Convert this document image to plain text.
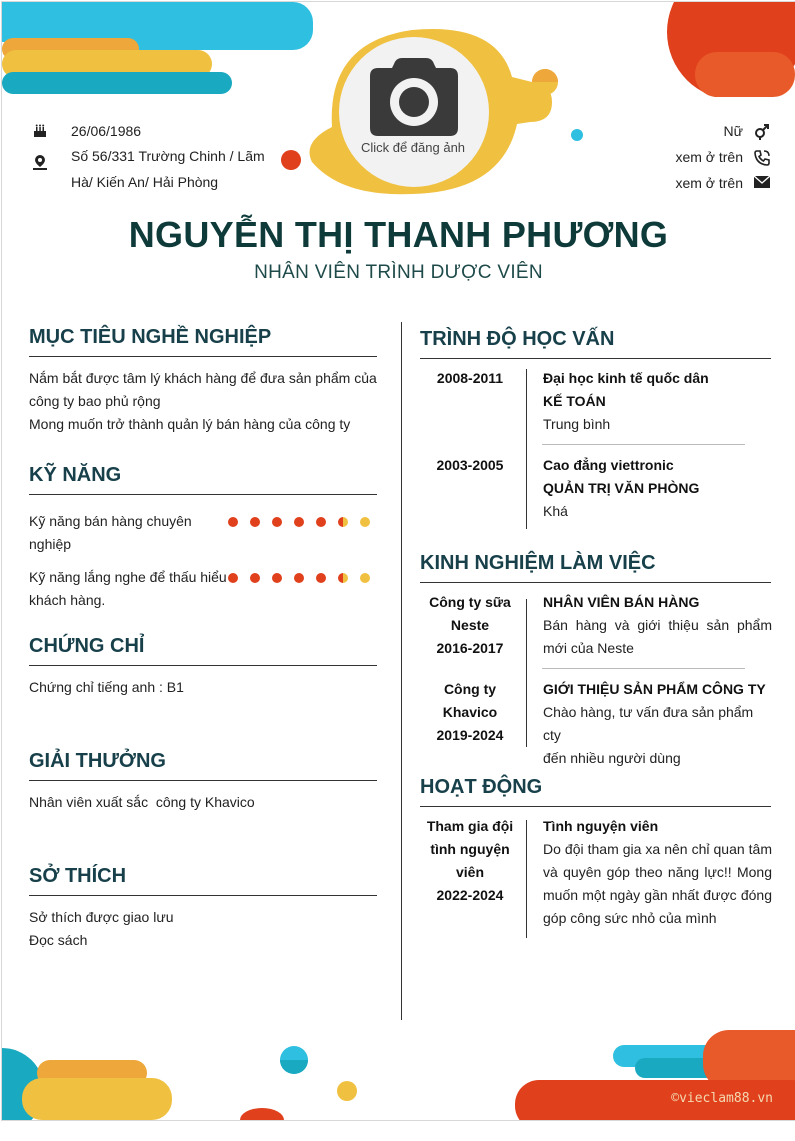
Click để đăng ảnh
26/06/1986
Số 56/331 Trường Chinh / Lãm
Hà/ Kiến An/ Hải Phòng
Nữ
xem ở trên
xem ở trên
NGUYỄN THỊ THANH PHƯƠNG
NHÂN VIÊN TRÌNH DƯỢC VIÊN
MỤC TIÊU NGHỀ NGHIỆP
Nắm bắt được tâm lý khách hàng để đưa sản phẩm của
công ty bao phủ rộng
Mong muốn trở thành quản lý bán hàng của công ty
KỸ NĂNG
Kỹ năng bán hàng chuyên
nghiệp
Kỹ năng lắng nghe để thấu hiểu
khách hàng.
CHỨNG CHỈ
Chứng chỉ tiếng anh : B1
GIẢI THƯỞNG
Nhân viên xuất sắc  công ty Khavico
SỞ THÍCH
Sở thích được giao lưu
Đọc sách
TRÌNH ĐỘ HỌC VẤN
2008-2011	Đại học kinh tế quốc dân
KẾ TOÁN
Trung bình
2003-2005	Cao đẳng viettronic
QUẢN TRỊ VĂN PHÒNG
Khá
KINH NGHIỆM LÀM VIỆC
Công ty sữa
Neste
2016-2017
NHÂN VIÊN BÁN HÀNG
Bán hàng và giới thiệu sản phẩm
mới của Neste
Công ty
Khavico
2019-2024
GIỚI THIỆU SẢN PHẨM CÔNG TY
Chào hàng, tư vấn đưa sản phẩm cty
đến nhiều người dùng
HOẠT ĐỘNG
Tham gia đội
tình nguyện
viên
2022-2024
Tình nguyện viên
Do đội tham gia xa nên chỉ quan tâm
và quyên góp theo năng lực!! Mong
muốn một ngày gần nhất được đóng
góp công sức nhỏ của mình
©vieclam88.vn
